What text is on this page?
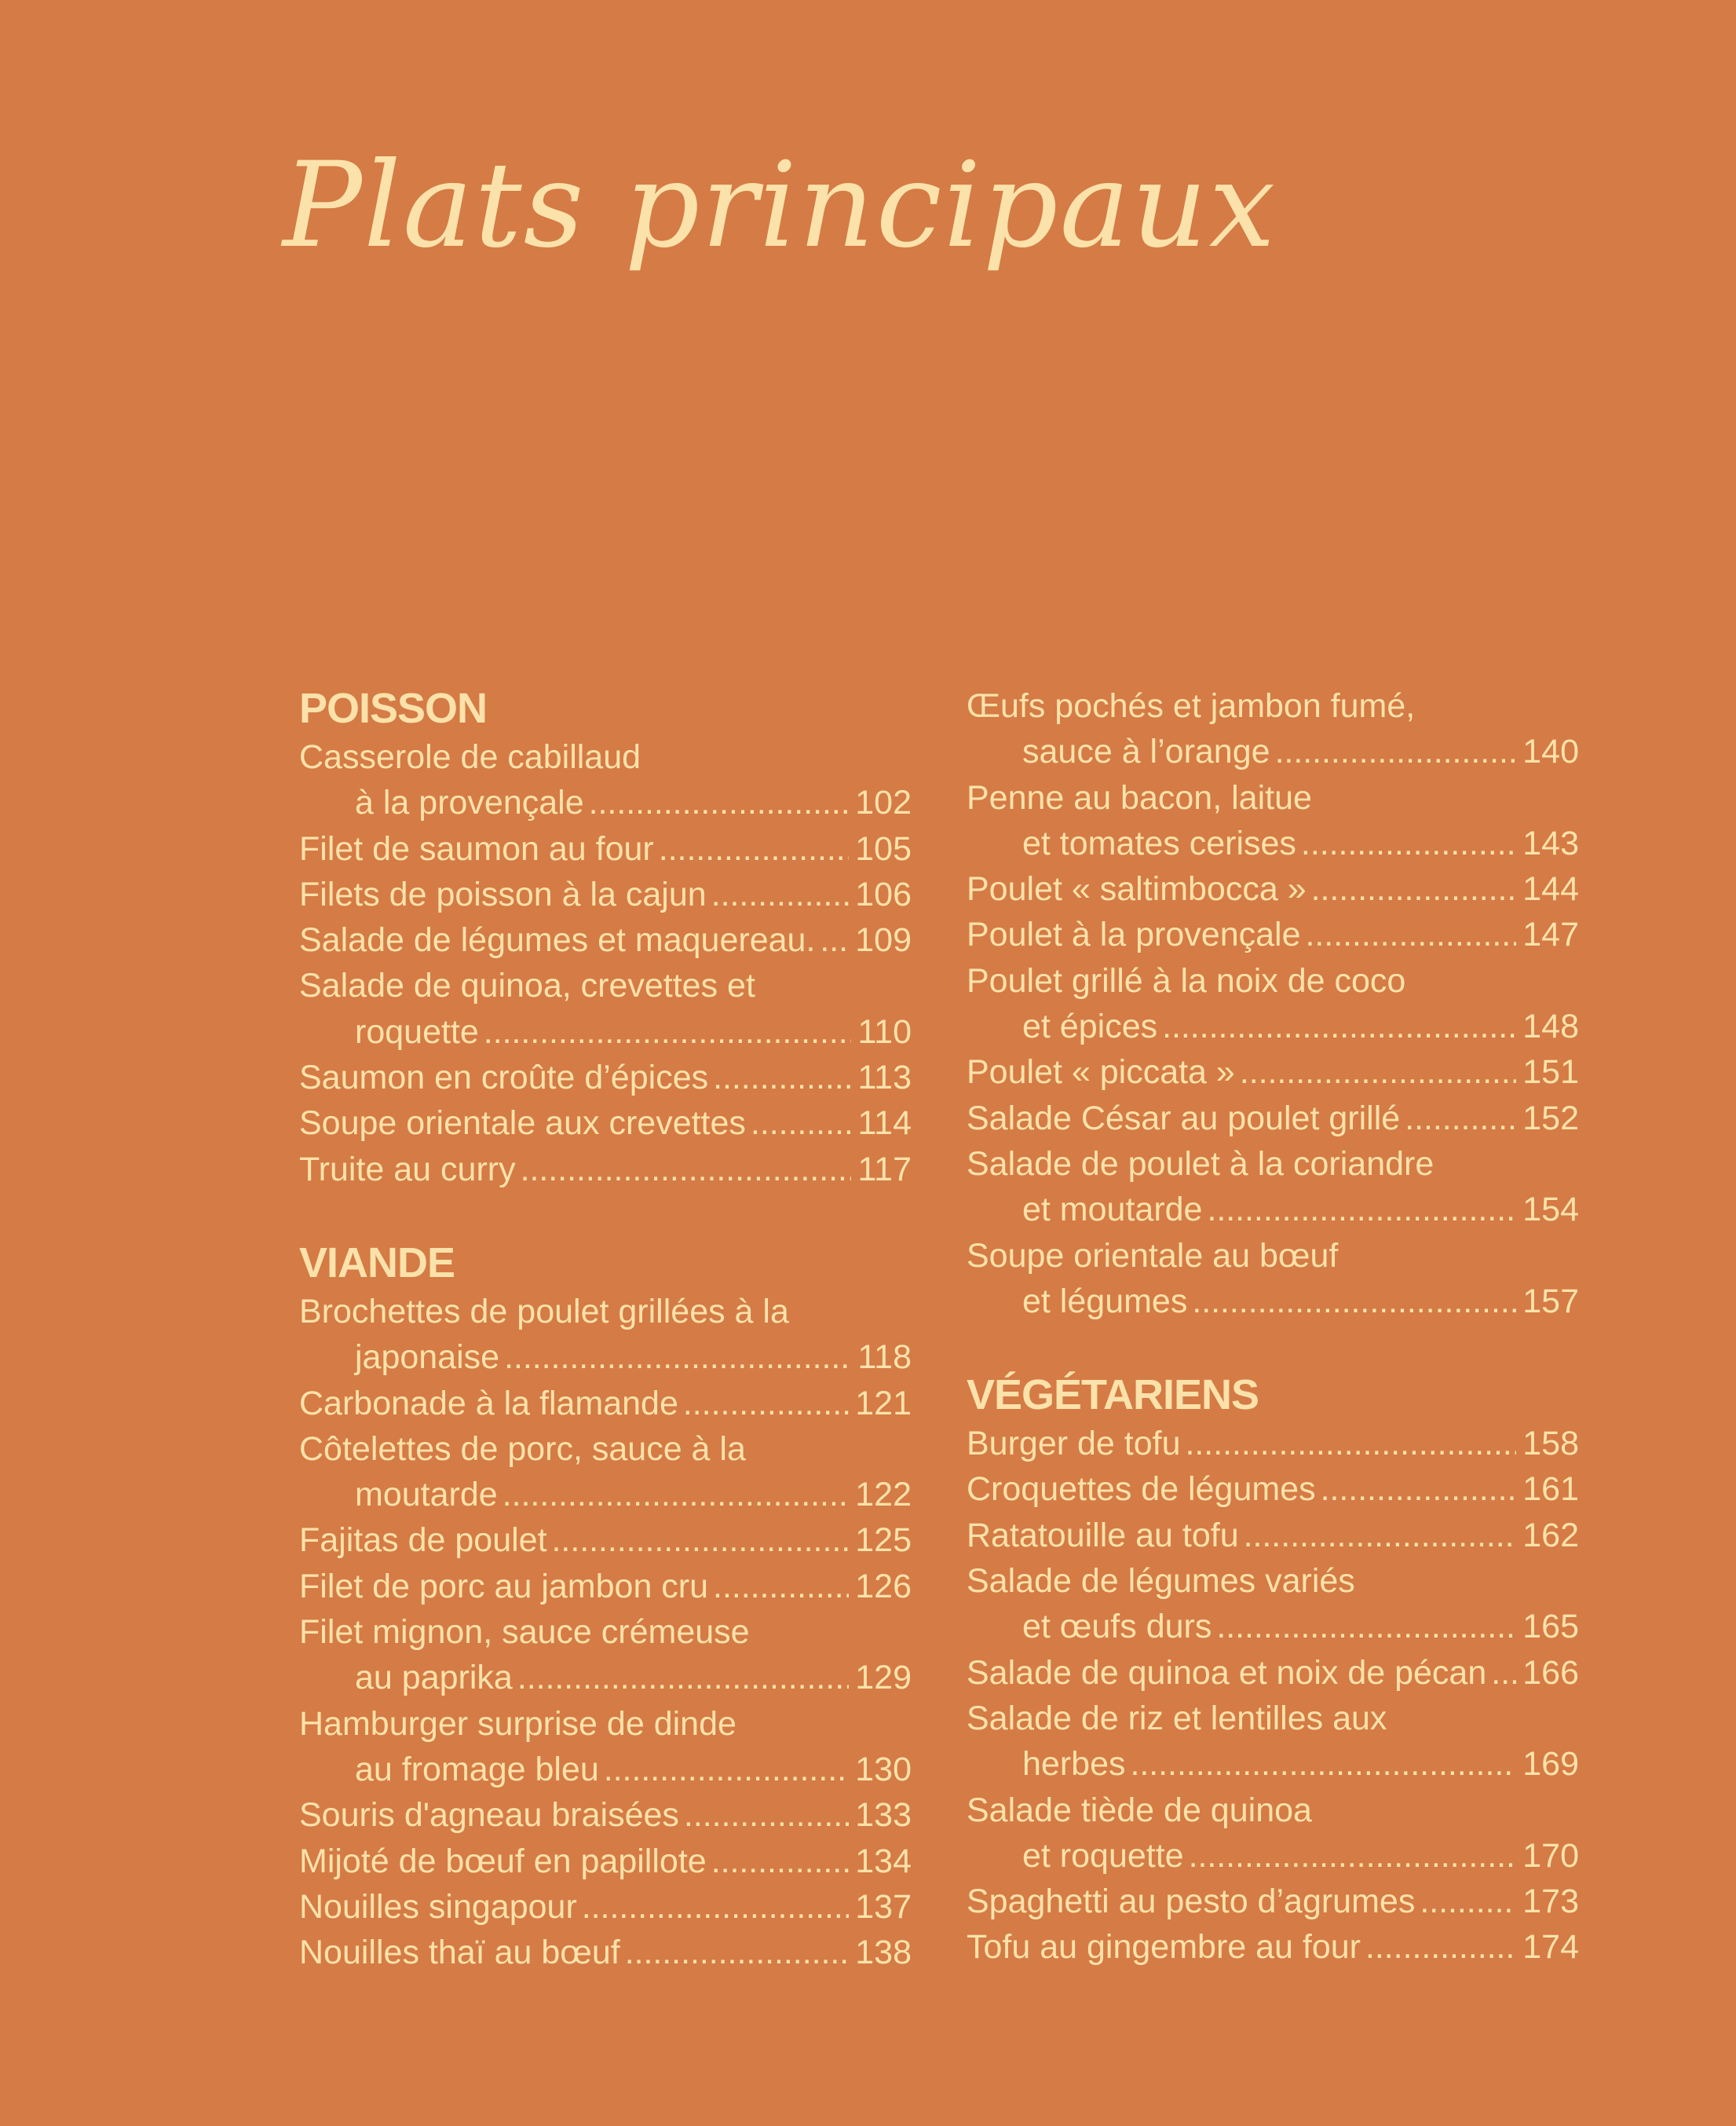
Plats principaux
POISSON
Casserole de cabillaud
à la provençale . . .	102
Filet de saumon au four . . .	105
Filets de poisson à la cajun . . .	106
Salade de légumes et maquereau. . . . 109
Salade de quinoa, crevettes et
roquette . . .	110
Saumon en croûte d’épices . . .	113
Soupe orientale aux crevettes . . .	114
Truite au curry . . .	117
VIANDE
Brochettes de poulet grillées à la
japonaise . . .	118
Carbonade à la flamande . . .	121
Côtelettes de porc, sauce à la
moutarde . . .	122
Fajitas de poulet . . .	125
Filet de porc au jambon cru . . .	126
Filet mignon, sauce crémeuse
au paprika . . .	129
Hamburger surprise de dinde
au fromage bleu . . .	130
Souris d'agneau braisées . . .	133
Mijoté de bœuf en papillote . . .	134
Nouilles singapour . . .	137
Nouilles thaï au bœuf . . .	138
Œufs pochés et jambon fumé,
sauce à l’orange . . .	140
Penne au bacon, laitue
et tomates cerises . . .	143
Poulet « saltimbocca » . . .	144
Poulet à la provençale . . .	147
Poulet grillé à la noix de coco
et épices . . .	148
Poulet « piccata » . . .	151
Salade César au poulet grillé . . .	152
Salade de poulet à la coriandre
et moutarde . . .	154
Soupe orientale au bœuf
et légumes . . .	157
VÉGÉTARIENS
Burger de tofu . . .	158
Croquettes de légumes . . .	161
Ratatouille au tofu . . .	162
Salade de légumes variés
et œufs durs . . .	165
Salade de quinoa et noix de pécan . . . 166
Salade de riz et lentilles aux
herbes . . .	169
Salade tiède de quinoa
et roquette . . .	170
Spaghetti au pesto d’agrumes . . .	173
Tofu au gingembre au four . . .	174
